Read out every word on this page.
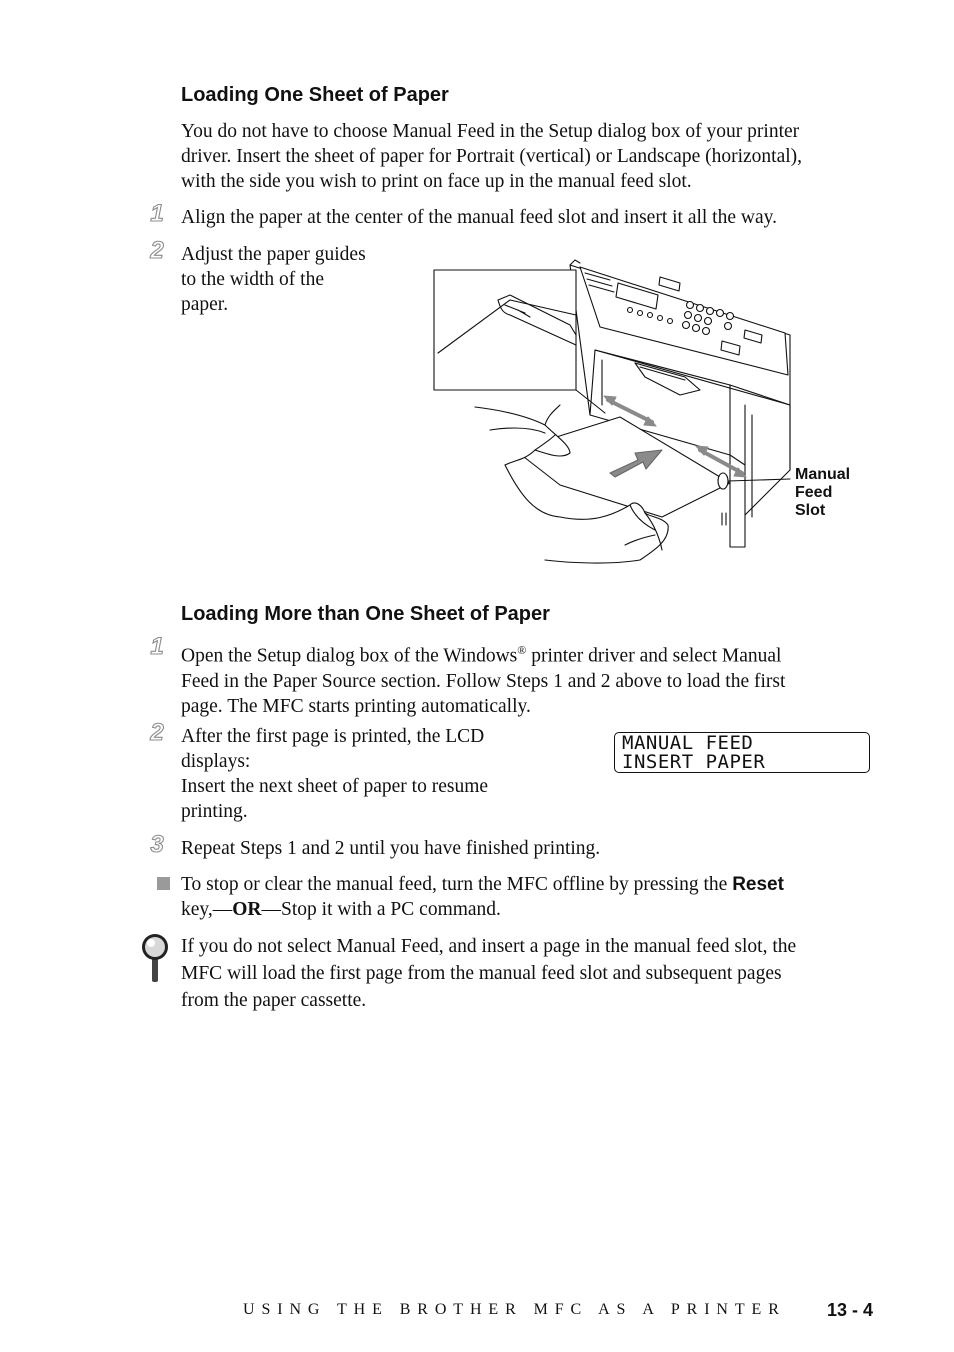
Loading One Sheet of Paper
You do not have to choose Manual Feed in the Setup dialog box of your printer
driver. Insert the sheet of paper for Portrait (vertical) or Landscape (horizontal),
with the side you wish to print on face up in the manual feed slot.
1 Align the paper at the center of the manual feed slot and insert it all the way.
2 Adjust the paper guides
to the width of the
paper.
Manual
Feed
Slot
Loading More than One Sheet of Paper
1 Open the Setup dialog box of the Windows® printer driver and select Manual
Feed in the Paper Source section. Follow Steps 1 and 2 above to load the first
page. The MFC starts printing automatically.
2 After the first page is printed, the LCD
displays:
Insert the next sheet of paper to resume
printing.
MANUAL FEED
INSERT PAPER
3 Repeat Steps 1 and 2 until you have finished printing.
To stop or clear the manual feed, turn the MFC offline by pressing the Reset
key,—OR—Stop it with a PC command.
If you do not select Manual Feed, and insert a page in the manual feed slot, the
MFC will load the first page from the manual feed slot and subsequent pages
from the paper cassette.
USING THE BROTHER MFC AS A PRINTER 13 - 4
